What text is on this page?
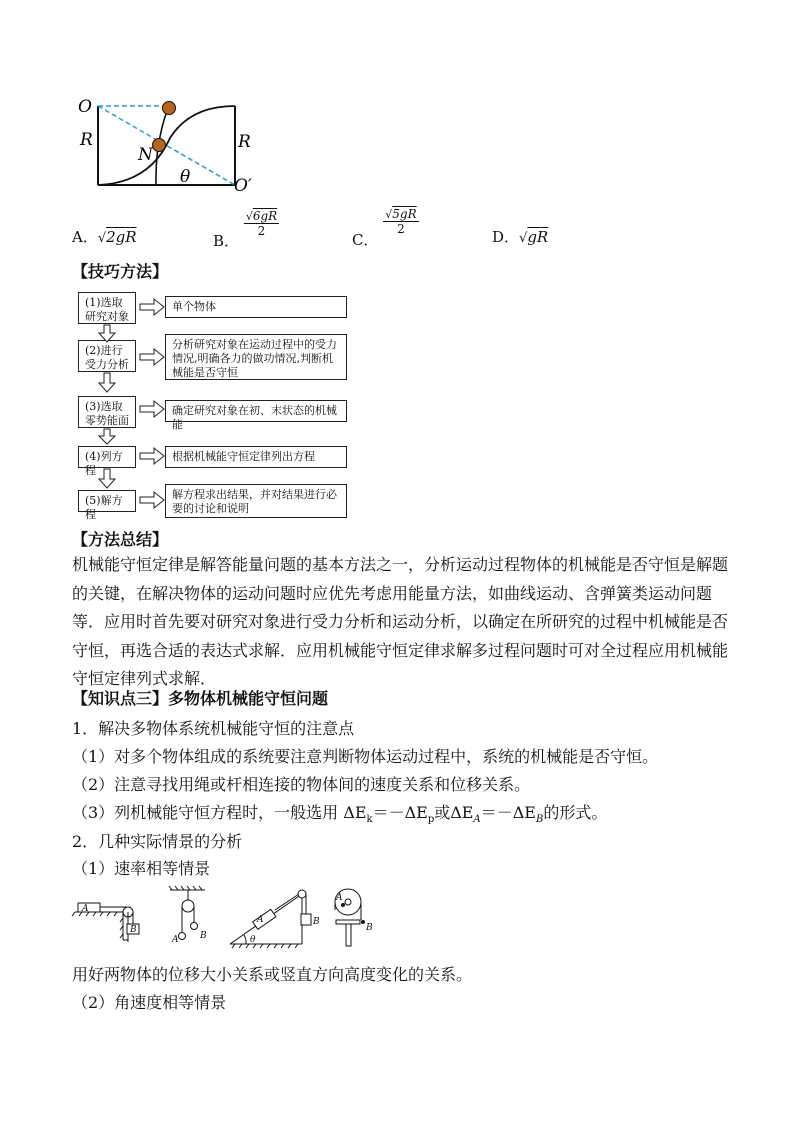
O
R	R
N
θ	O′
A．√2gR	B．
$\frac{√6gR}{2}$
C．
$\frac{√5gR}{2}$
D．√gR
【技巧方法】
(1)选取研究对象
单个物体
(2)进行受力分析
分析研究对象在运动过程中的受力情况,明确各力的做功情况,判断机械能是否守恒
(3)选取零势能面
确定研究对象在初、末状态的机械能
(4)列方程
根据机械能守恒定律列出方程
(5)解方程
解方程求出结果，并对结果进行必要的讨论和说明
【方法总结】
机械能守恒定律是解答能量问题的基本方法之一，分析运动过程物体的机械能是否守恒是解题的关键，在解决物体的运动问题时应优先考虑用能量方法，如曲线运动、含弹簧类运动问题等．应用时首先要对研究对象进行受力分析和运动分析，以确定在所研究的过程中机械能是否守恒，再选合适的表达式求解．应用机械能守恒定律求解多过程问题时可对全过程应用机械能守恒定律列式求解．
【知识点三】多物体机械能守恒问题
1．解决多物体系统机械能守恒的注意点
（1）对多个物体组成的系统要注意判断物体运动过程中，系统的机械能是否守恒。
（2）注意寻找用绳或杆相连接的物体间的速度关系和位移关系。
（3）列机械能守恒方程时，一般选用 $\Delta E_k=-\Delta E_p$或$\Delta E_A=-\Delta E_B$的形式。
2．几种实际情景的分析
（1）速率相等情景
A
B
A B
A	B
θ
A
B
用好两物体的位移大小关系或竖直方向高度变化的关系。
（2）角速度相等情景
